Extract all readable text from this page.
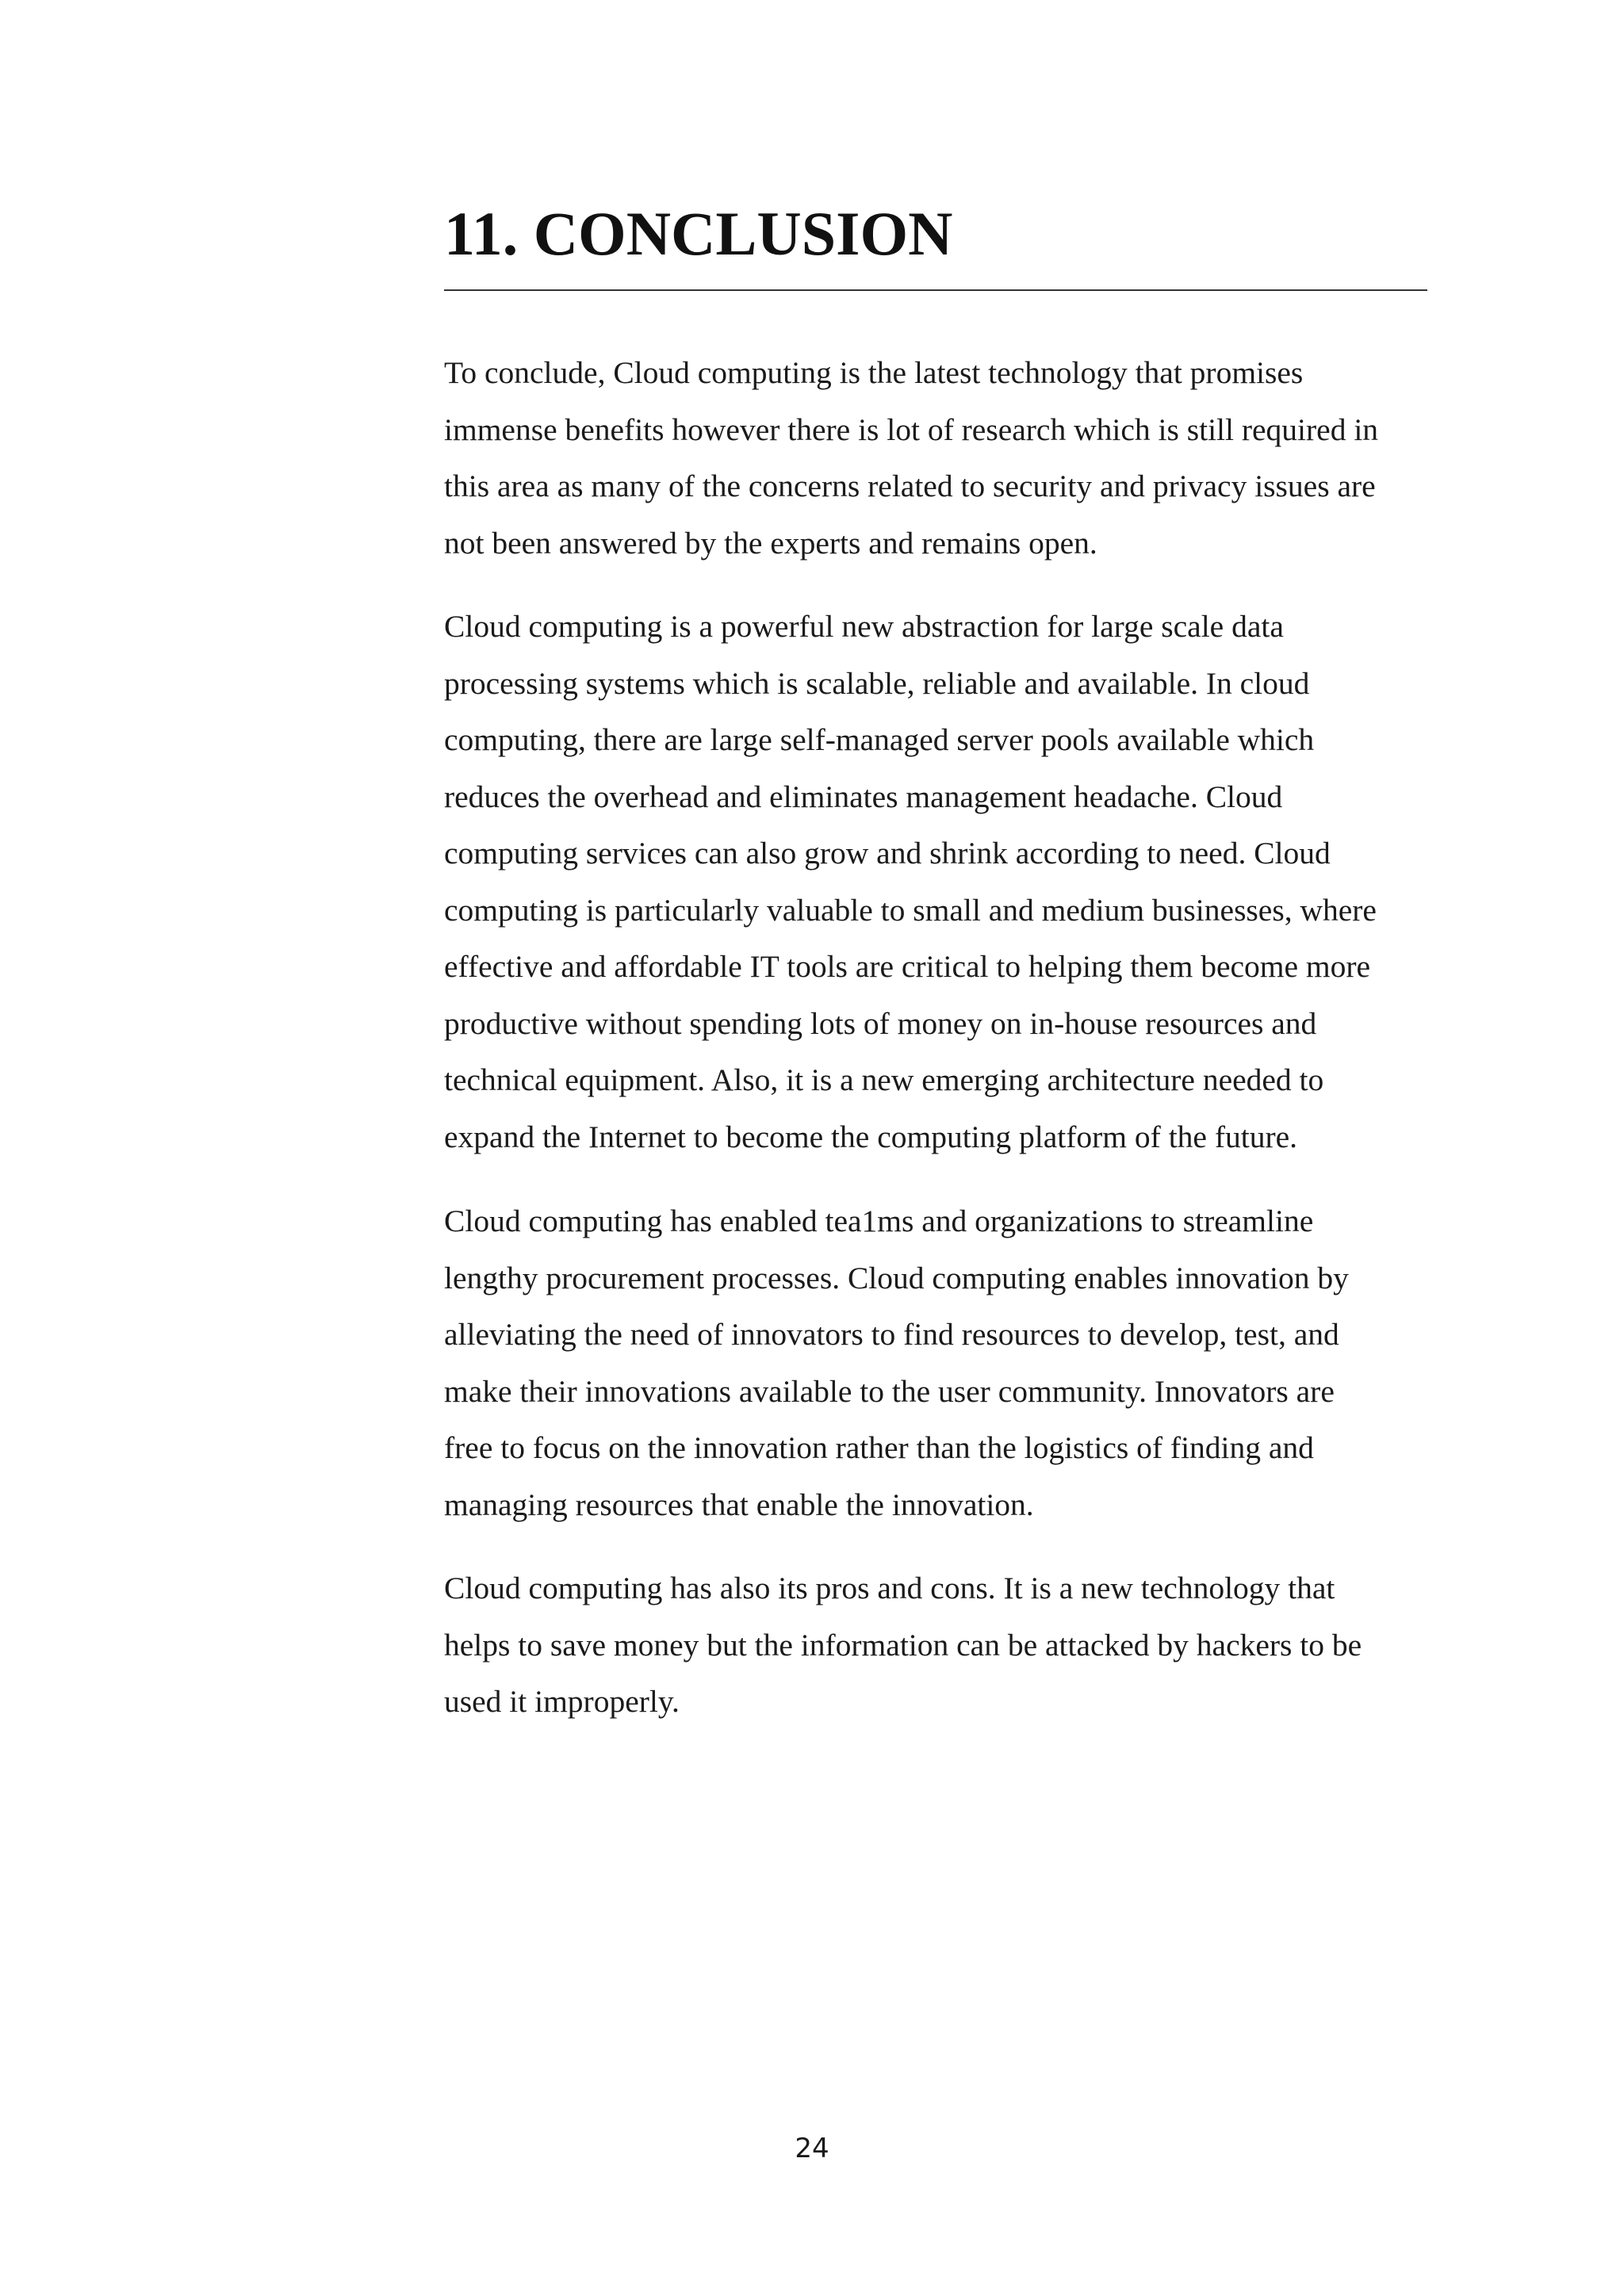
11. CONCLUSION

To conclude, Cloud computing is the latest technology that promises
immense benefits however there is lot of research which is still required in
this area as many of the concerns related to security and privacy issues are
not been answered by the experts and remains open.

Cloud computing is a powerful new abstraction for large scale data
processing systems which is scalable, reliable and available. In cloud
computing, there are large self-managed server pools available which
reduces the overhead and eliminates management headache. Cloud
computing services can also grow and shrink according to need. Cloud
computing is particularly valuable to small and medium businesses, where
effective and affordable IT tools are critical to helping them become more
productive without spending lots of money on in-house resources and
technical equipment. Also, it is a new emerging architecture needed to
expand the Internet to become the computing platform of the future.

Cloud computing has enabled tea1ms and organizations to streamline
lengthy procurement processes. Cloud computing enables innovation by
alleviating the need of innovators to find resources to develop, test, and
make their innovations available to the user community. Innovators are
free to focus on the innovation rather than the logistics of finding and
managing resources that enable the innovation.

Cloud computing has also its pros and cons. It is a new technology that
helps to save money but the information can be attacked by hackers to be
used it improperly.

24
